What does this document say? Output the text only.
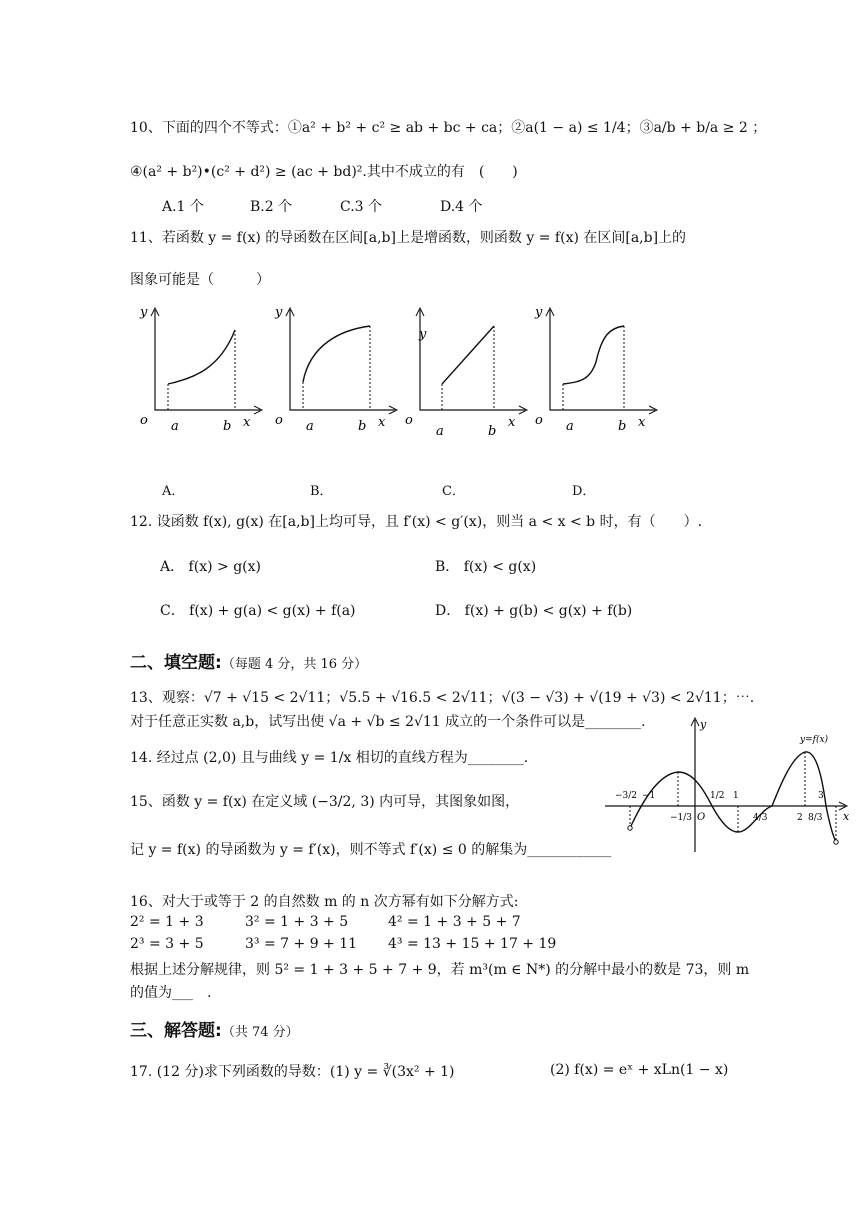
10、下面的四个不等式：①a² + b² + c² ≥ ab + bc + ca；②a(1 − a) ≤ 1/4；③a/b + b/a ≥ 2 ；
④(a² + b²)•(c² + d²) ≥ (ac + bd)².其中不成立的有　(　　)
A.1 个	B.2 个	C.3 个	D.4 个
11、若函数 y = f(x) 的导函数在区间[a,b]上是增函数，则函数 y = f(x) 在区间[a,b]上的
图象可能是（　　　）
y
o a	b x
y
o a	b x
y
o
a	b
x
y
o a	b x
A．	B．	C．	D．
12. 设函数 f(x), g(x) 在[a,b]上均可导，且 f′(x) < g′(x)，则当 a < x < b 时，有（　　）.
A． f(x) > g(x)	B． f(x) < g(x)
C． f(x) + g(a) < g(x) + f(a)	D． f(x) + g(b) < g(x) + f(b)
二、填空题:（每题 4 分，共 16 分）
13、观察：√7 + √15 < 2√11；√5.5 + √16.5 < 2√11；√(3 − √3) + √(19 + √3) < 2√11；⋯.
对于任意正实数 a,b，试写出使 √a + √b ≤ 2√11 成立的一个条件可以是________.
14. 经过点 (2,0) 且与曲线 y = 1/x 相切的直线方程为________.
15、函数 y = f(x) 在定义域 (−3/2, 3) 内可导，其图象如图，
记 y = f(x) 的导函数为 y = f′(x)，则不等式 f′(x) ≤ 0 的解集为____________
y=f(x)
y
x
−3/2 −1
−1/3 O
1/2 1
4/3	2 8/3
3
16、对大于或等于 2 的自然数 m 的 n 次方幂有如下分解方式:
2² = 1 + 3	3² = 1 + 3 + 5	4² = 1 + 3 + 5 + 7
2³ = 3 + 5	3³ = 7 + 9 + 11 4³ = 13 + 15 + 17 + 19
根据上述分解规律，则 5² = 1 + 3 + 5 + 7 + 9，若 m³(m ∈ N*) 的分解中最小的数是 73，则 m
的值为___　.
三、解答题:（共 74 分）
17. (12 分)求下列函数的导数：(1) y = ∛(3x² + 1)	(2) f(x) = eˣ + xLn(1 − x)
